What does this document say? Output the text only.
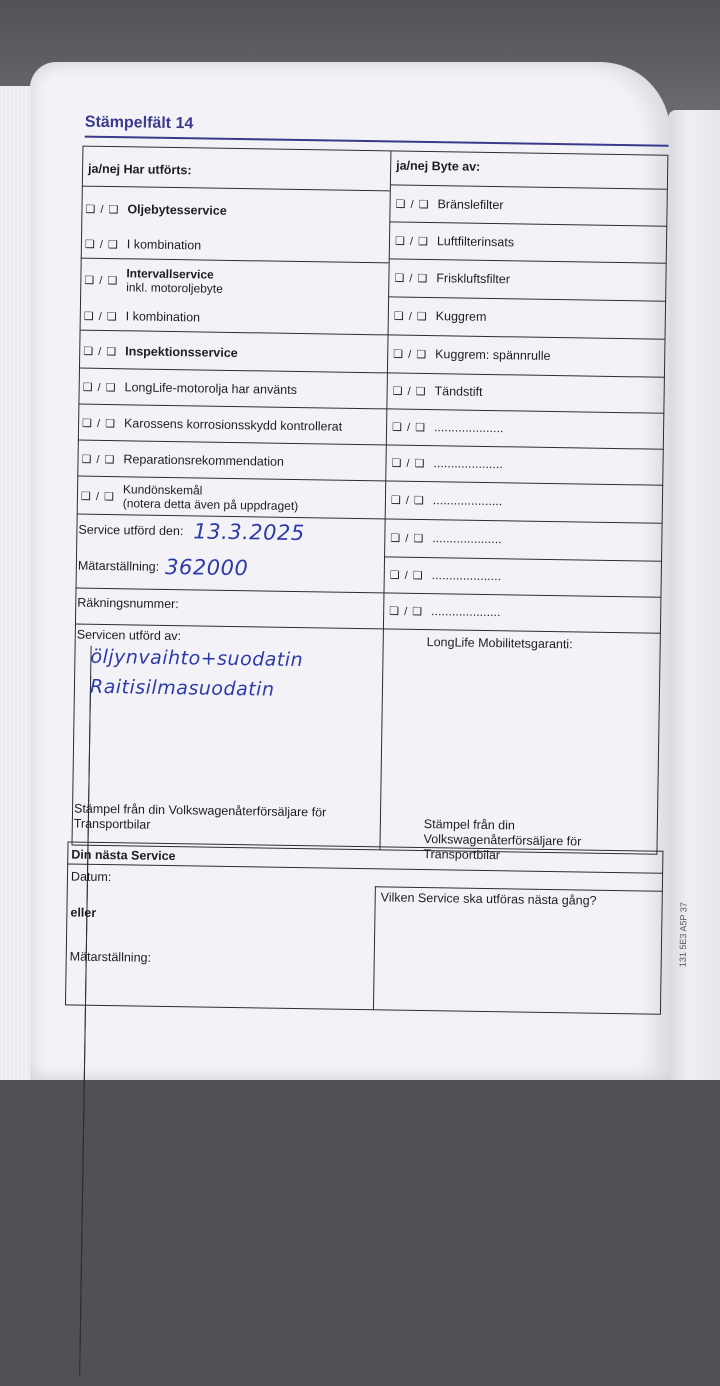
Stämpelfält 14
ja/nej Har utförts:	ja/nej Byte av:
❑ / ❑ Oljebytesservice
❑ / ❑ I kombination
❑ / ❑ Intervallservice
inkl. motoroljebyte
❑ / ❑ I kombination
❑ / ❑ Inspektionsservice
❑ / ❑ LongLife-motorolja har använts
❑ / ❑ Karossens korrosionsskydd kontrollerat
❑ / ❑ Reparationsrekommendation
❑ / ❑ Kundönskemål
(notera detta även på uppdraget)
❑ / ❑ Bränslefilter
❑ / ❑ Luftfilterinsats
❑ / ❑ Friskluftsfilter
❑ / ❑ Kuggrem
❑ / ❑ Kuggrem: spännrulle
❑ / ❑ Tändstift
❑ / ❑ ....................
❑ / ❑ ....................
❑ / ❑ ....................
❑ / ❑ ....................
❑ / ❑ ....................
❑ / ❑ ....................
Service utförd den: 13.3.2025
Mätarställning: 362000
Räkningsnummer:
Servicen utförd av:
öljynvaihto+suodatin
Raitisilmasuodatin
LongLife Mobilitetsgaranti:
Stämpel från din Volkswagenåterförsäljare för Transportbilar	Stämpel från din Volkswagenåterförsäljare för Transportbilar
Din nästa Service
Datum:
eller
Mätarställning:
Vilken Service ska utföras nästa gång?
131 5E3 A5P 37
